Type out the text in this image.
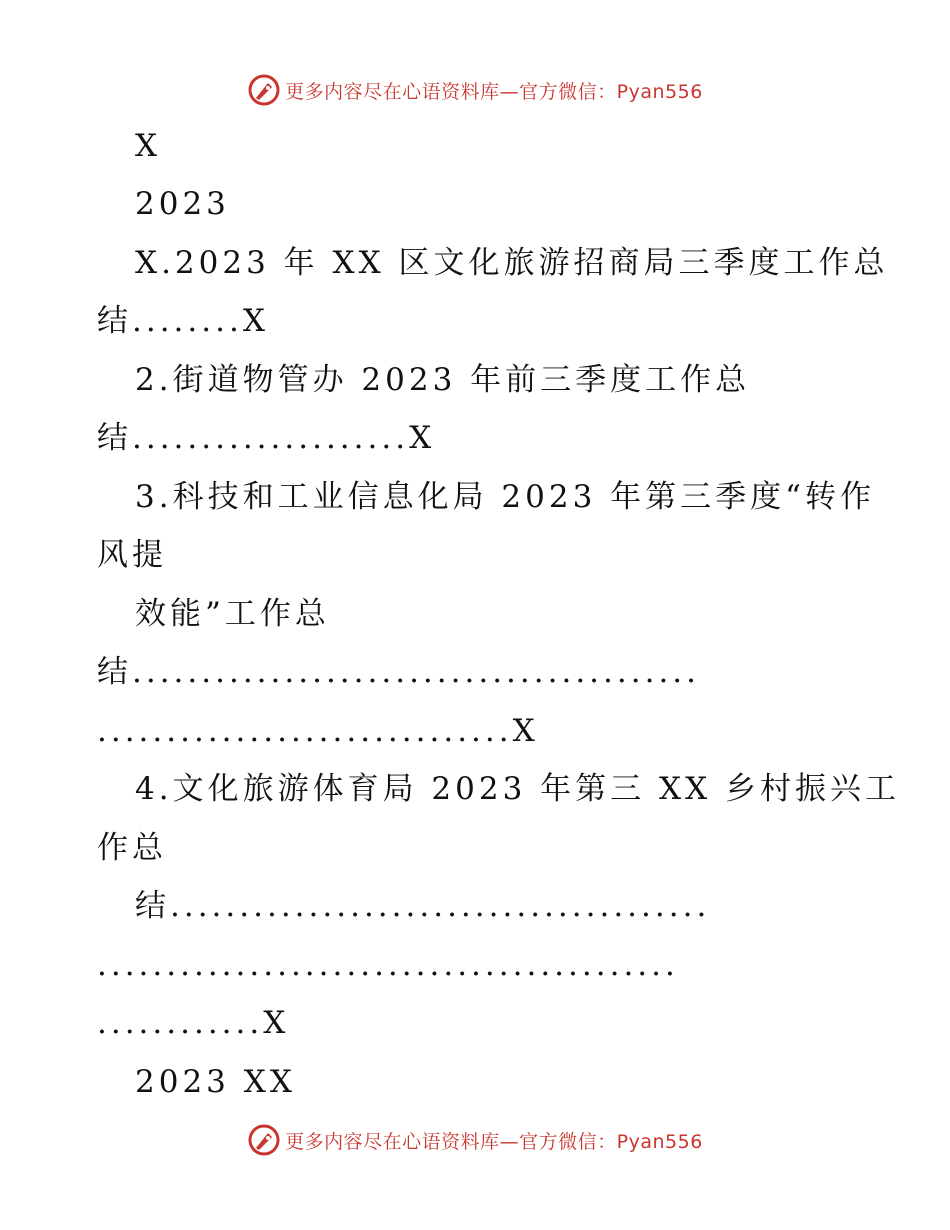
更多内容尽在心语资料库—官方微信：Pyan556
X
2023
X.2023 年 XX 区文化旅游招商局三季度工作总
结........X
2.街道物管办 2023 年前三季度工作总
结....................X
3.科技和工业信息化局 2023 年第三季度“转作
风提
效能”工作总
结.........................................
..............................X
4.文化旅游体育局 2023 年第三 XX 乡村振兴工
作总
结.......................................
..........................................
............X
2023 XX
更多内容尽在心语资料库—官方微信：Pyan556
